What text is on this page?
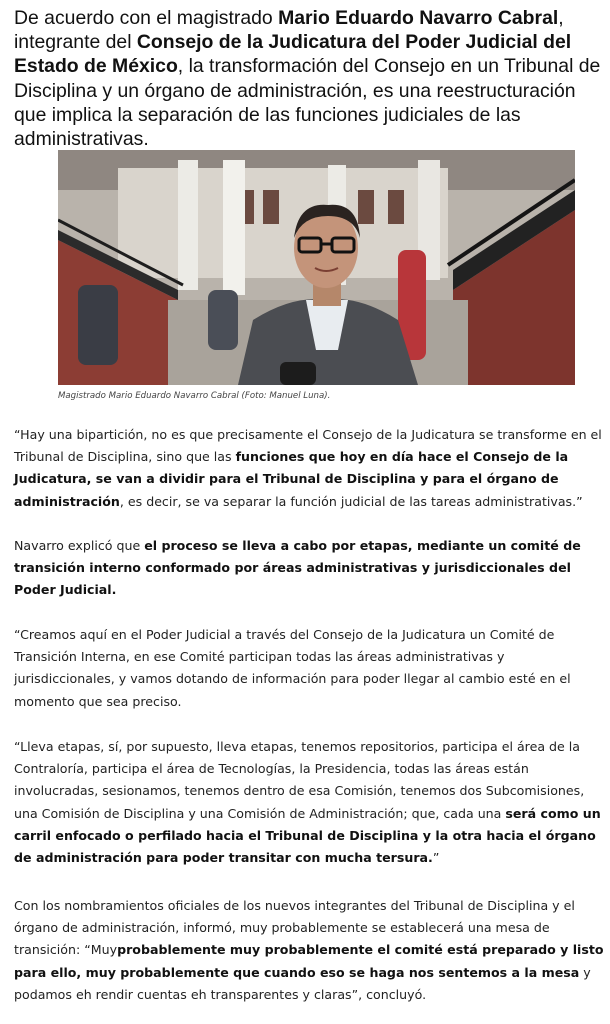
De acuerdo con el magistrado Mario Eduardo Navarro Cabral, integrante del Consejo de la Judicatura del Poder Judicial del Estado de México, la transformación del Consejo en un Tribunal de Disciplina y un órgano de administración, es una reestructuración que implica la separación de las funciones judiciales de las administrativas.

Magistrado Mario Eduardo Navarro Cabral (Foto: Manuel Luna).

“Hay una bipartición, no es que precisamente el Consejo de la Judicatura se transforme en el Tribunal de Disciplina, sino que las funciones que hoy en día hace el Consejo de la Judicatura, se van a dividir para el Tribunal de Disciplina y para el órgano de administración, es decir, se va separar la función judicial de las tareas administrativas.”

Navarro explicó que el proceso se lleva a cabo por etapas, mediante un comité de transición interno conformado por áreas administrativas y jurisdiccionales del Poder Judicial.

“Creamos aquí en el Poder Judicial a través del Consejo de la Judicatura un Comité de Transición Interna, en ese Comité participan todas las áreas administrativas y jurisdiccionales, y vamos dotando de información para poder llegar al cambio esté en el momento que sea preciso.

“Lleva etapas, sí, por supuesto, lleva etapas, tenemos repositorios, participa el área de la Contraloría, participa el área de Tecnologías, la Presidencia, todas las áreas están involucradas, sesionamos, tenemos dentro de esa Comisión, tenemos dos Subcomisiones, una Comisión de Disciplina y una Comisión de Administración; que, cada una será como un carril enfocado o perfilado hacia el Tribunal de Disciplina y la otra hacia el órgano de administración para poder transitar con mucha tersura.”

Con los nombramientos oficiales de los nuevos integrantes del Tribunal de Disciplina y el órgano de administración, informó, muy probablemente se establecerá una mesa de transición: “Muyprobablemente muy probablemente el comité está preparado y listo para ello, muy probablemente que cuando eso se haga nos sentemos a la mesa y podamos eh rendir cuentas eh transparentes y claras”, concluyó.
